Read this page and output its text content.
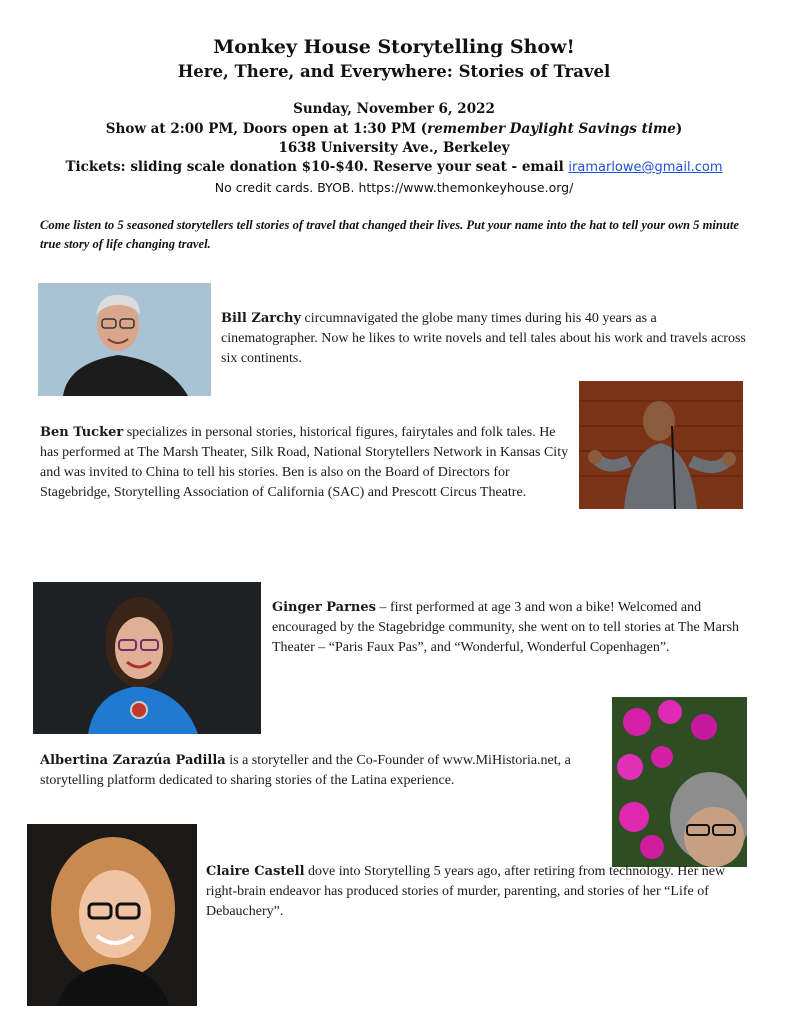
Monkey House Storytelling Show!
Here, There, and Everywhere: Stories of Travel
Sunday, November 6, 2022
Show at 2:00 PM, Doors open at 1:30 PM (remember Daylight Savings time)
1638 University Ave., Berkeley
Tickets: sliding scale donation $10-$40. Reserve your seat - email iramarlowe@gmail.com
No credit cards. BYOB. https://www.themonkeyhouse.org/
Come listen to 5 seasoned storytellers tell stories of travel that changed their lives. Put your name into the hat to tell your own 5 minute true story of life changing travel.
Bill Zarchy circumnavigated the globe many times during his 40 years as a cinematographer. Now he likes to write novels and tell tales about his work and travels across six continents.
Ben Tucker specializes in personal stories, historical figures, fairytales and folk tales. He has performed at The Marsh Theater, Silk Road, National Storytellers Network in Kansas City and was invited to China to tell his stories. Ben is also on the Board of Directors for Stagebridge, Storytelling Association of California (SAC) and Prescott Circus Theatre.
Ginger Parnes – first performed at age 3 and won a bike! Welcomed and encouraged by the Stagebridge community, she went on to tell stories at The Marsh Theater – “Paris Faux Pas”, and “Wonderful, Wonderful Copenhagen”.
Albertina Zarazúa Padilla is a storyteller and the Co-Founder of www.MiHistoria.net, a storytelling platform dedicated to sharing stories of the Latina experience.
Claire Castell dove into Storytelling 5 years ago, after retiring from technology. Her new right-brain endeavor has produced stories of murder, parenting, and stories of her “Life of Debauchery”.
